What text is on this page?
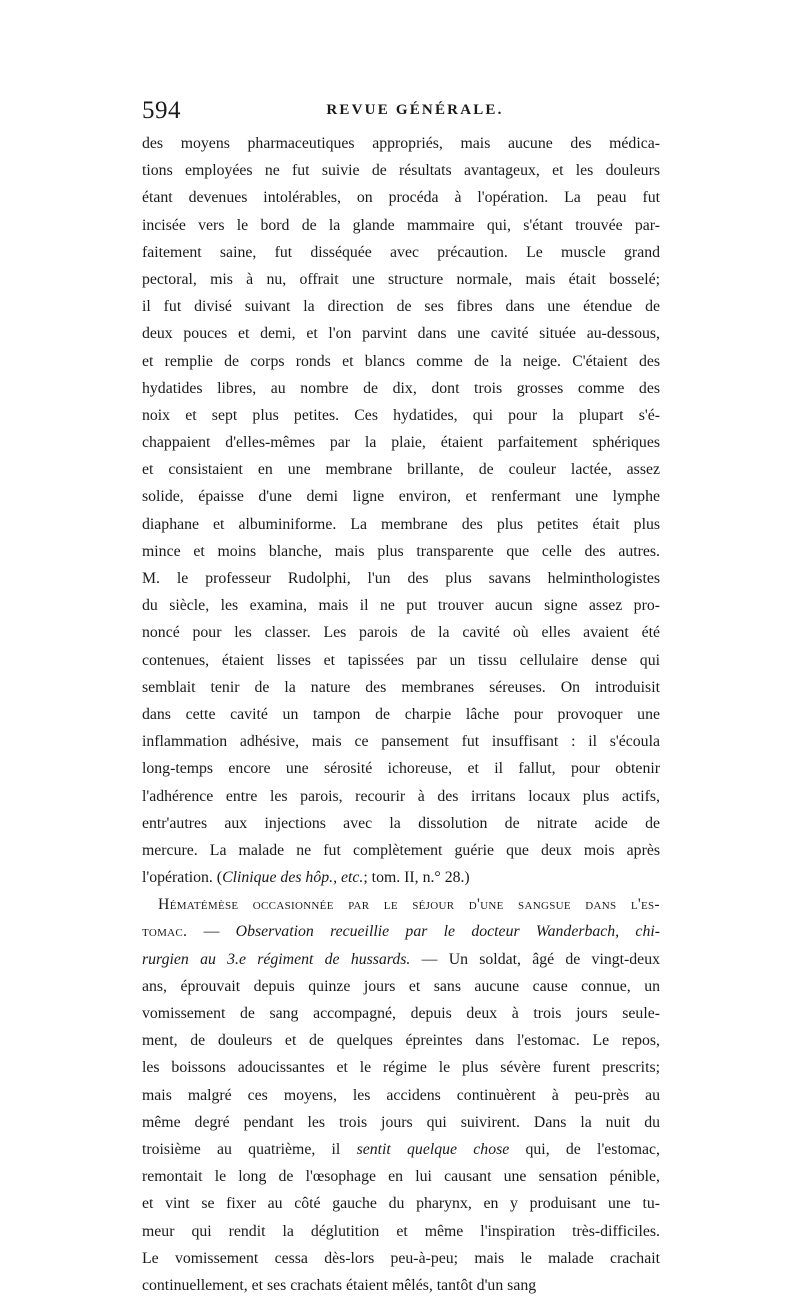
594	REVUE GÉNÉRALE.
des moyens pharmaceutiques appropriés, mais aucune des médica-
tions employées ne fut suivie de résultats avantageux, et les douleurs
étant devenues intolérables, on procéda à l'opération. La peau fut
incisée vers le bord de la glande mammaire qui, s'étant trouvée par-
faitement saine, fut disséquée avec précaution. Le muscle grand
pectoral, mis à nu, offrait une structure normale, mais était bosselé;
il fut divisé suivant la direction de ses fibres dans une étendue de
deux pouces et demi, et l'on parvint dans une cavité située au-dessous,
et remplie de corps ronds et blancs comme de la neige. C'étaient des
hydatides libres, au nombre de dix, dont trois grosses comme des
noix et sept plus petites. Ces hydatides, qui pour la plupart s'é-
chappaient d'elles-mêmes par la plaie, étaient parfaitement sphériques
et consistaient en une membrane brillante, de couleur lactée, assez
solide, épaisse d'une demi ligne environ, et renfermant une lymphe
diaphane et albuminiforme. La membrane des plus petites était plus
mince et moins blanche, mais plus transparente que celle des autres.
M. le professeur Rudolphi, l'un des plus savans helminthologistes
du siècle, les examina, mais il ne put trouver aucun signe assez pro-
noncé pour les classer. Les parois de la cavité où elles avaient été
contenues, étaient lisses et tapissées par un tissu cellulaire dense qui
semblait tenir de la nature des membranes séreuses. On introduisit
dans cette cavité un tampon de charpie lâche pour provoquer une
inflammation adhésive, mais ce pansement fut insuffisant : il s'écoula
long-temps encore une sérosité ichoreuse, et il fallut, pour obtenir
l'adhérence entre les parois, recourir à des irritans locaux plus actifs,
entr'autres aux injections avec la dissolution de nitrate acide de
mercure. La malade ne fut complètement guérie que deux mois après
l'opération. (Clinique des hôp., etc.; tom. II, n.° 28.)
Hématémèse occasionnée par le séjour d'une sangsue dans l'es-
tomac. — Observation recueillie par le docteur Wanderbach, chi-
rurgien au 3.e régiment de hussards. — Un soldat, âgé de vingt-deux
ans, éprouvait depuis quinze jours et sans aucune cause connue, un
vomissement de sang accompagné, depuis deux à trois jours seule-
ment, de douleurs et de quelques épreintes dans l'estomac. Le repos,
les boissons adoucissantes et le régime le plus sévère furent prescrits;
mais malgré ces moyens, les accidens continuèrent à peu-près au
même degré pendant les trois jours qui suivirent. Dans la nuit du
troisième au quatrième, il sentit quelque chose qui, de l'estomac,
remontait le long de l'œsophage en lui causant une sensation pénible,
et vint se fixer au côté gauche du pharynx, en y produisant une tu-
meur qui rendit la déglutition et même l'inspiration très-difficiles.
Le vomissement cessa dès-lors peu-à-peu; mais le malade crachait
continuellement, et ses crachats étaient mêlés, tantôt d'un sang
